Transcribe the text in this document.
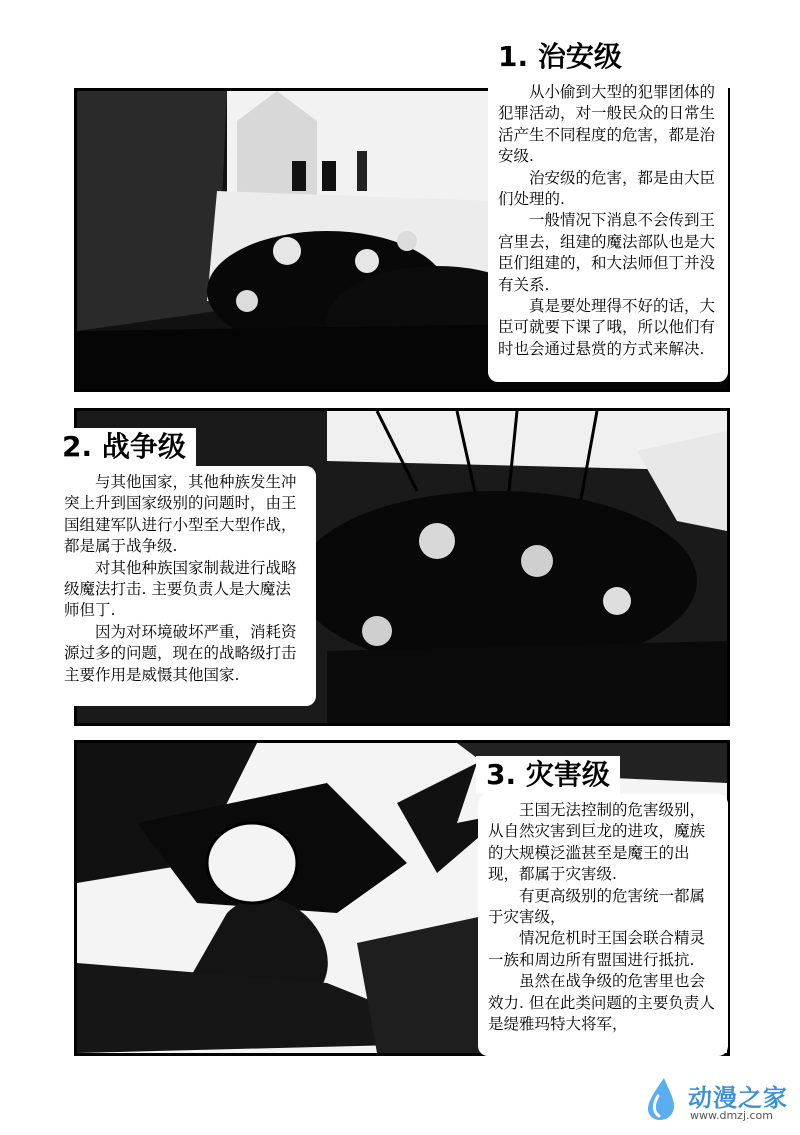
1. 治安级

从小偷到大型的犯罪团体的犯罪活动，对一般民众的日常生活产生不同程度的危害，都是治安级.

治安级的危害，都是由大臣们处理的.

一般情况下消息不会传到王宫里去，组建的魔法部队也是大臣们组建的，和大法师但丁并没有关系.

真是要处理得不好的话，大臣可就要下课了哦，所以他们有时也会通过悬赏的方式来解决.

2. 战争级

与其他国家，其他种族发生冲突上升到国家级别的问题时，由王国组建军队进行小型至大型作战，都是属于战争级.

对其他种族国家制裁进行战略级魔法打击. 主要负责人是大魔法师但丁.

因为对环境破坏严重，消耗资源过多的问题，现在的战略级打击主要作用是威慑其他国家.

3. 灾害级

王国无法控制的危害级别，从自然灾害到巨龙的进攻，魔族的大规模泛滥甚至是魔王的出现，都属于灾害级.

有更高级别的危害统一都属于灾害级，

情况危机时王国会联合精灵一族和周边所有盟国进行抵抗.

虽然在战争级的危害里也会效力. 但在此类问题的主要负责人是缇雅玛特大将军，

动漫之家
www.dmzj.com
